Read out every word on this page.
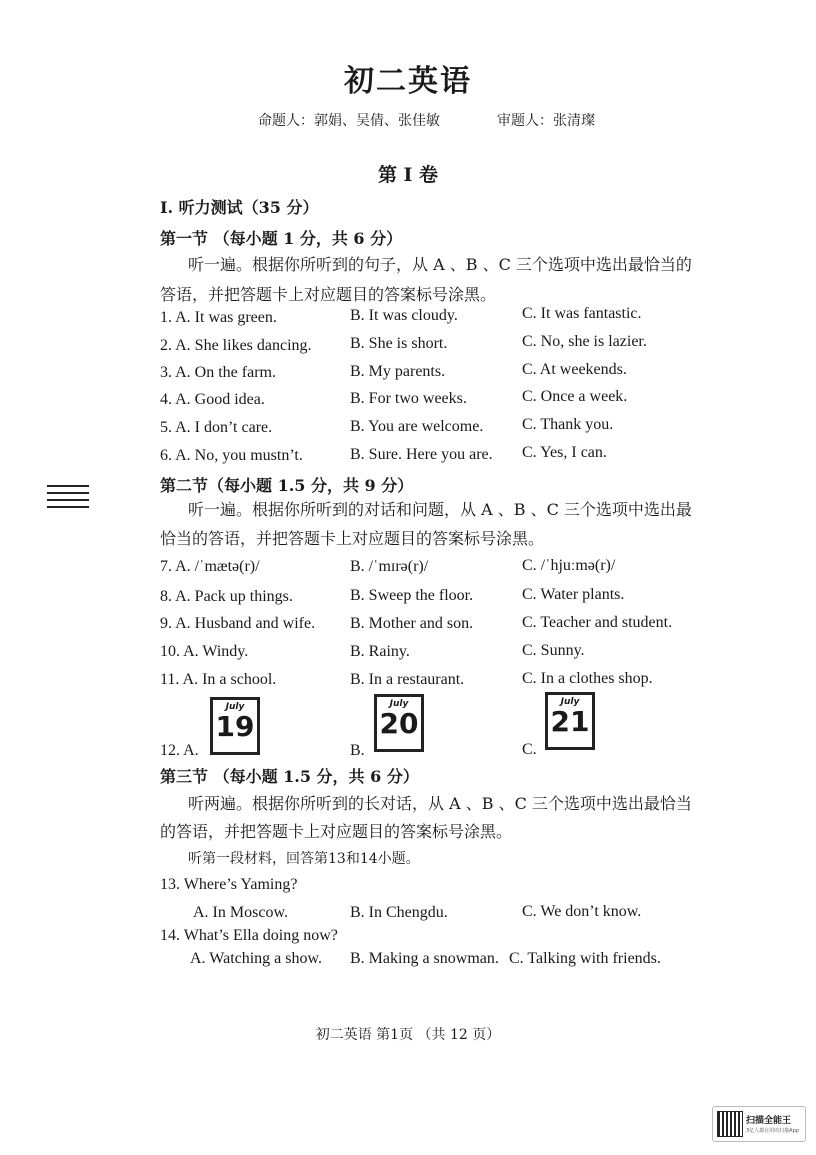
初二英语
命题人：郭娟、吴倩、张佳敏	审题人：张清璨
第 I 卷
I. 听力测试（35 分）
第一节 （每小题 1 分，共 6 分）
听一遍。根据你所听到的句子，从 A 、B 、C 三个选项中选出最恰当的
答语，并把答题卡上对应题目的答案标号涂黑。
1. A. It was green.	B. It was cloudy.	C. It was fantastic.
2. A. She likes dancing. B. She is short.	C. No, she is lazier.
3. A. On the farm.	B. My parents.	C. At weekends.
4. A. Good idea.	B. For two weeks.	C. Once a week.
5. A. I don’t care.	B. You are welcome. C. Thank you.
6. A. No, you mustn’t.	B. Sure. Here you are. C. Yes, I can.
第二节（每小题 1.5 分，共 9 分）
听一遍。根据你所听到的对话和问题，从 A 、B 、C 三个选项中选出最
恰当的答语，并把答题卡上对应题目的答案标号涂黑。
7. A. /ˈmætə(r)/	B. /ˈmɪrə(r)/	C. /ˈhjuːmə(r)/
8. A. Pack up things.	B. Sweep the floor.	C. Water plants.
9. A. Husband and wife. B. Mother and son.	C. Teacher and student.
10. A. Windy.	B. Rainy.	C. Sunny.
11. A. In a school.	B. In a restaurant.	C. In a clothes shop.
12. A.
July
19
B.
July
20
C.
July
21
第三节 （每小题 1.5 分，共 6 分）
听两遍。根据你所听到的长对话，从 A 、B 、C 三个选项中选出最恰当
的答语，并把答题卡上对应题目的答案标号涂黑。
听第一段材料，回答第13和14小题。
13. Where’s Yaming?
A. In Moscow.	B. In Chengdu.	C. We don’t know.
14. What’s Ella doing now?
A. Watching a show. B. Making a snowman. C. Talking with friends.
初二英语 第1页 （共 12 页）
扫描全能王
3亿人都在用的扫描App
